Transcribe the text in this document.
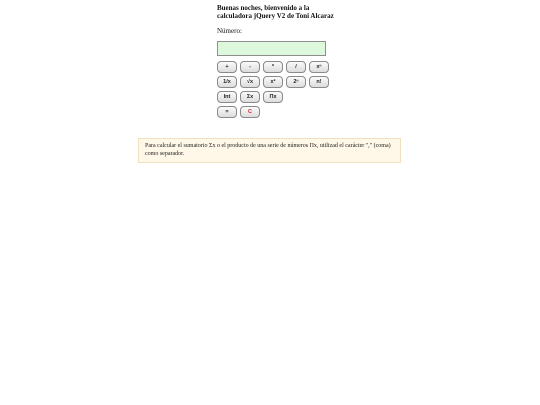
Buenas noches, bienvenido a la calculadora jQuery V2 de Toni Alcaraz

Número:
+	-	*	/	xⁿ
1/x	√x	x²	2ⁿ	n!
Int	Σx	Πx
=	C
Para calcular el sumatorio Σx o el producto de una serie de números Πx, utilizad el carácter "," (coma) como separador.
